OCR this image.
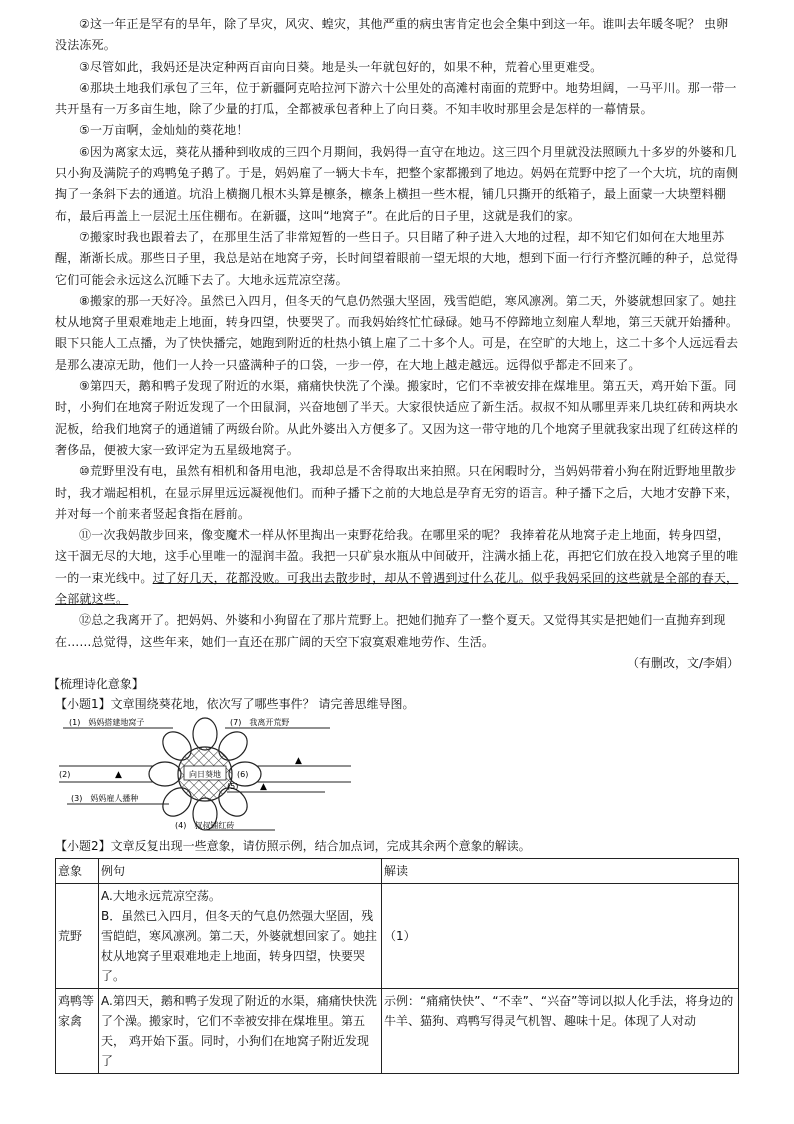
②这一年正是罕有的旱年，除了旱灾，风灾、蝗灾，其他严重的病虫害肯定也会全集中到这一年。谁叫去年暖冬呢？ 虫卵没法冻死。

③尽管如此，我妈还是决定种两百亩向日葵。地是头一年就包好的，如果不种，荒着心里更难受。

④那块土地我们承包了三年，位于新疆阿克哈拉河下游六十公里处的高滩村南面的荒野中。地势坦阔，一马平川。那一带一共开垦有一万多亩生地，除了少量的打瓜，全都被承包者种上了向日葵。不知丰收时那里会是怎样的一幕情景。

⑤一万亩啊，金灿灿的葵花地！

⑥因为离家太远，葵花从播种到收成的三四个月期间，我妈得一直守在地边。这三四个月里就没法照顾九十多岁的外婆和几只小狗及满院子的鸡鸭兔子鹅了。于是，妈妈雇了一辆大卡车，把整个家都搬到了地边。妈妈在荒野中挖了一个大坑，坑的南侧掏了一条斜下去的通道。坑沿上横搁几根木头算是檩条，檩条上横担一些木棍，铺几只撕开的纸箱子，最上面蒙一大块塑料棚布，最后再盖上一层泥土压住棚布。在新疆，这叫“地窝子”。在此后的日子里，这就是我们的家。

⑦搬家时我也跟着去了，在那里生活了非常短暂的一些日子。只目睹了种子进入大地的过程，却不知它们如何在大地里苏醒，渐渐长成。那些日子里，我总是站在地窝子旁，长时间望着眼前一望无垠的大地，想到下面一行行齐整沉睡的种子，总觉得它们可能会永远这么沉睡下去了。大地永远荒凉空荡。

⑧搬家的那一天好冷。虽然已入四月，但冬天的气息仍然强大坚固，残雪皑皑，寒风凛冽。第二天，外婆就想回家了。她拄杖从地窝子里艰难地走上地面，转身四望，快要哭了。而我妈始终忙忙碌碌。她马不停蹄地立刻雇人犁地，第三天就开始播种。眼下只能人工点播，为了快快播完，她跑到附近的杜热小镇上雇了二十多个人。可是，在空旷的大地上，这二十多个人远远看去是那么凄凉无助，他们一人拎一只盛满种子的口袋，一步一停，在大地上越走越远。远得似乎都走不回来了。

⑨第四天，鹅和鸭子发现了附近的水渠，痛痛快快洗了个澡。搬家时，它们不幸被安排在煤堆里。第五天，鸡开始下蛋。同时，小狗们在地窝子附近发现了一个田鼠洞，兴奋地刨了半天。大家很快适应了新生活。叔叔不知从哪里弄来几块红砖和两块水泥板，给我们地窝子的通道铺了两级台阶。从此外婆出入方便多了。又因为这一带守地的几个地窝子里就我家出现了红砖这样的奢侈品，便被大家一致评定为五星级地窝子。

⑩荒野里没有电，虽然有相机和备用电池，我却总是不舍得取出来拍照。只在闲暇时分，当妈妈带着小狗在附近野地里散步时，我才端起相机，在显示屏里远远凝视他们。而种子播下之前的大地总是孕育无穷的语言。种子播下之后，大地才安静下来，并对每一个前来者竖起食指在唇前。

⑪一次我妈散步回来，像变魔术一样从怀里掏出一束野花给我。在哪里采的呢？ 我捧着花从地窝子走上地面，转身四望，这干涸无尽的大地，这手心里唯一的湿润丰盈。我把一只矿泉水瓶从中间破开，注满水插上花，再把它们放在投入地窝子里的唯一的一束光线中。过了好几天，花都没败。可我出去散步时，却从不曾遇到过什么花儿。似乎我妈采回的这些就是全部的春天，全部就这些。

⑫总之我离开了。把妈妈、外婆和小狗留在了那片荒野上。把她们抛弃了一整个夏天。又觉得其实是把她们一直抛弃到现在……总觉得，这些年来，她们一直还在那广阔的天空下寂寞艰难地劳作、生活。

（有删改，文/李娟）

【梳理诗化意象】

【小题1】文章围绕葵花地，依次写了哪些事件？ 请完善思维导图。

向日葵地
(1)　妈妈搭建地窝子
(2)	▲
(3)　妈妈雇人播种
(4)　叔叔铺红砖
(5) ▲
(6)
▲
(7)　我离开荒野

【小题2】文章反复出现一些意象，请仿照示例，结合加点词，完成其余两个意象的解读。

意象	例句	解读
荒野	A.大地永远荒凉空荡。
B．虽然已入四月，但冬天的气息仍然强大坚固，残雪皑皑，寒风凛冽。第二天，外婆就想回家了。她拄杖从地窝子里艰难地走上地面，转身四望，快要哭了。	（1）
鸡鸭等家禽	A.第四天，鹅和鸭子发现了附近的水渠，痛痛快快洗了个澡。搬家时，它们不幸被安排在煤堆里。第五天， 鸡开始下蛋。同时，小狗们在地窝子附近发现了	示例：“痛痛快快”、“不幸”、“兴奋”等词以拟人化手法，将身边的牛羊、猫狗、鸡鸭写得灵气机智、趣味十足。体现了人对动
